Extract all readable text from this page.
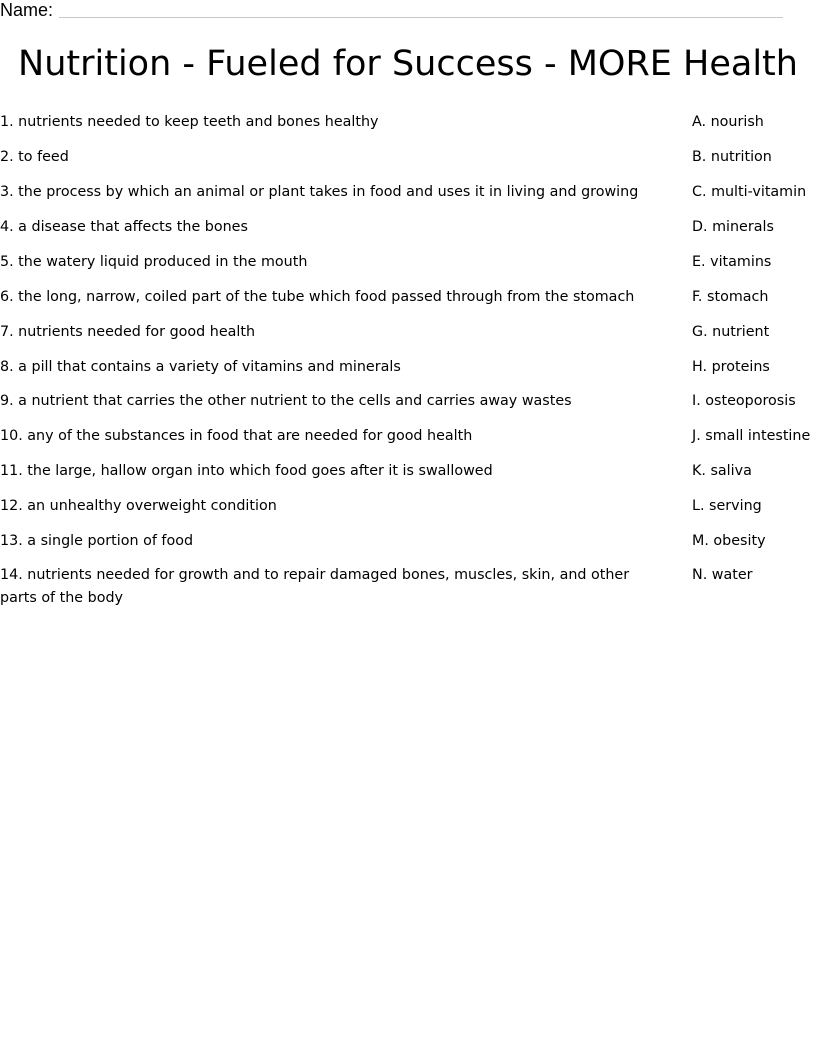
Name:
Nutrition - Fueled for Success - MORE Health
1. nutrients needed to keep teeth and bones healthy
2. to feed
3. the process by which an animal or plant takes in food and uses it in living and growing
4. a disease that affects the bones
5. the watery liquid produced in the mouth
6. the long, narrow, coiled part of the tube which food passed through from the stomach
7. nutrients needed for good health
8. a pill that contains a variety of vitamins and minerals
9. a nutrient that carries the other nutrient to the cells and carries away wastes
10. any of the substances in food that are needed for good health
11. the large, hallow organ into which food goes after it is swallowed
12. an unhealthy overweight condition
13. a single portion of food
14. nutrients needed for growth and to repair damaged bones, muscles, skin, and other parts of the body
A. nourish
B. nutrition
C. multi-vitamin
D. minerals
E. vitamins
F. stomach
G. nutrient
H. proteins
I. osteoporosis
J. small intestine
K. saliva
L. serving
M. obesity
N. water
